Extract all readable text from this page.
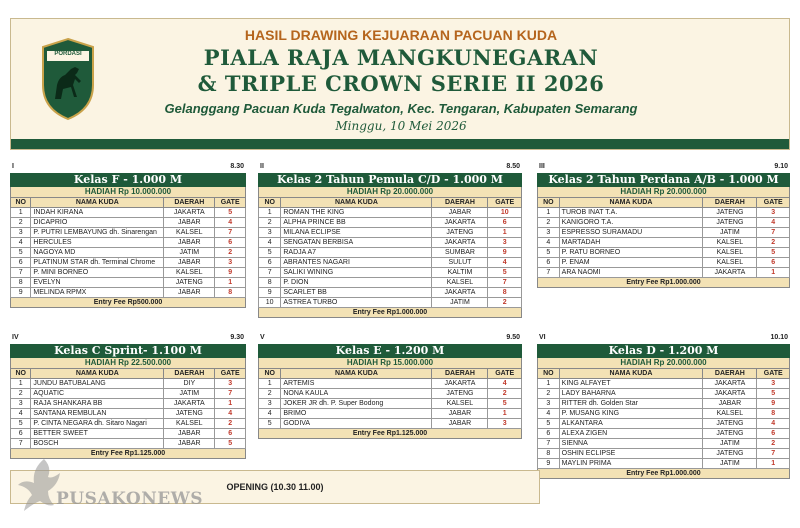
PORDASI
HASIL DRAWING KEJUARAAN PACUAN KUDA
PIALA RAJA MANGKUNEGARAN
& TRIPLE CROWN SERIE II 2026
Gelanggang Pacuan Kuda Tegalwaton, Kec. Tengaran, Kabupaten Semarang
Minggu, 10 Mei 2026
I	8.30
Kelas F - 1.000 M
HADIAH Rp 10.000.000
NO	NAMA KUDA	DAERAH	GATE
1	INDAH KIRANA	JAKARTA	5
2	DICAPRIO	JABAR	4
3	P. PUTRI LEMBAYUNG dh. Sinarengan	KALSEL	7
4	HERCULES	JABAR	6
5	NAGOYA MD	JATIM	2
6	PLATINUM STAR dh. Terminal Chrome	JABAR	3
7	P. MINI BORNEO	KALSEL	9
8	EVELYN	JATENG	1
9	MELINDA RPMX	JABAR	8
Entry Fee Rp500.000
II	8.50
Kelas 2 Tahun Pemula C/D - 1.000 M
HADIAH Rp 20.000.000
NO	NAMA KUDA	DAERAH	GATE
1	ROMAN THE KING	JABAR	10
2	ALPHA PRINCE BB	JAKARTA	6
3	MILANA ECLIPSE	JATENG	1
4	SENGATAN BERBISA	JAKARTA	3
5	RADJA A7	SUMBAR	9
6	ABRANTES NAGARI	SULUT	4
7	SALIKI WINING	KALTIM	5
8	P. DION	KALSEL	7
9	SCARLET BB	JAKARTA	8
10	ASTREA TURBO	JATIM	2
Entry Fee Rp1.000.000
III	9.10
Kelas 2 Tahun Perdana A/B - 1.000 M
HADIAH Rp 20.000.000
NO	NAMA KUDA	DAERAH	GATE
1	TUROB INAT T.A.	JATENG	3
2	KANIGORO T.A.	JATENG	4
3	ESPRESSO SURAMADU	JATIM	7
4	MARTADAH	KALSEL	2
5	P. RATU BORNEO	KALSEL	5
6	P. ENAM	KALSEL	6
7	ARA NAOMI	JAKARTA	1
Entry Fee Rp1.000.000
IV	9.30
Kelas C Sprint- 1.100 M
HADIAH Rp 22.500.000
NO	NAMA KUDA	DAERAH	GATE
1	JUNDU BATUBALANG	DIY	3
2	AQUATIC	JATIM	7
3	RAJA SHANKARA BB	JAKARTA	1
4	SANTANA REMBULAN	JATENG	4
5	P. CINTA NEGARA dh. Sitaro Nagari	KALSEL	2
6	BETTER SWEET	JABAR	6
7	BOSCH	JABAR	5
Entry Fee Rp1.125.000
V	9.50
Kelas E - 1.200 M
HADIAH Rp 15.000.000
NO	NAMA KUDA	DAERAH	GATE
1	ARTEMIS	JAKARTA	4
2	NONA KAULA	JATENG	2
3	JOKER JR dh. P. Super Bodong	KALSEL	5
4	BRIMO	JABAR	1
5	GODIVA	JABAR	3
Entry Fee Rp1.125.000
VI	10.10
Kelas D - 1.200 M
HADIAH Rp 20.000.000
NO	NAMA KUDA	DAERAH	GATE
1	KING ALFAYET	JAKARTA	3
2	LADY BAHARNA	JAKARTA	5
3	RITTER dh. Golden Star	JABAR	9
4	P. MUSANG KING	KALSEL	8
5	ALKANTARA	JATENG	4
6	ALEXA ZIGEN	JATENG	6
7	SIENNA	JATIM	2
8	OSHIN ECLIPSE	JATENG	7
9	MAYLIN PRIMA	JATIM	1
Entry Fee Rp1.000.000
OPENING (10.30 11.00)
PUSAKONEWS
